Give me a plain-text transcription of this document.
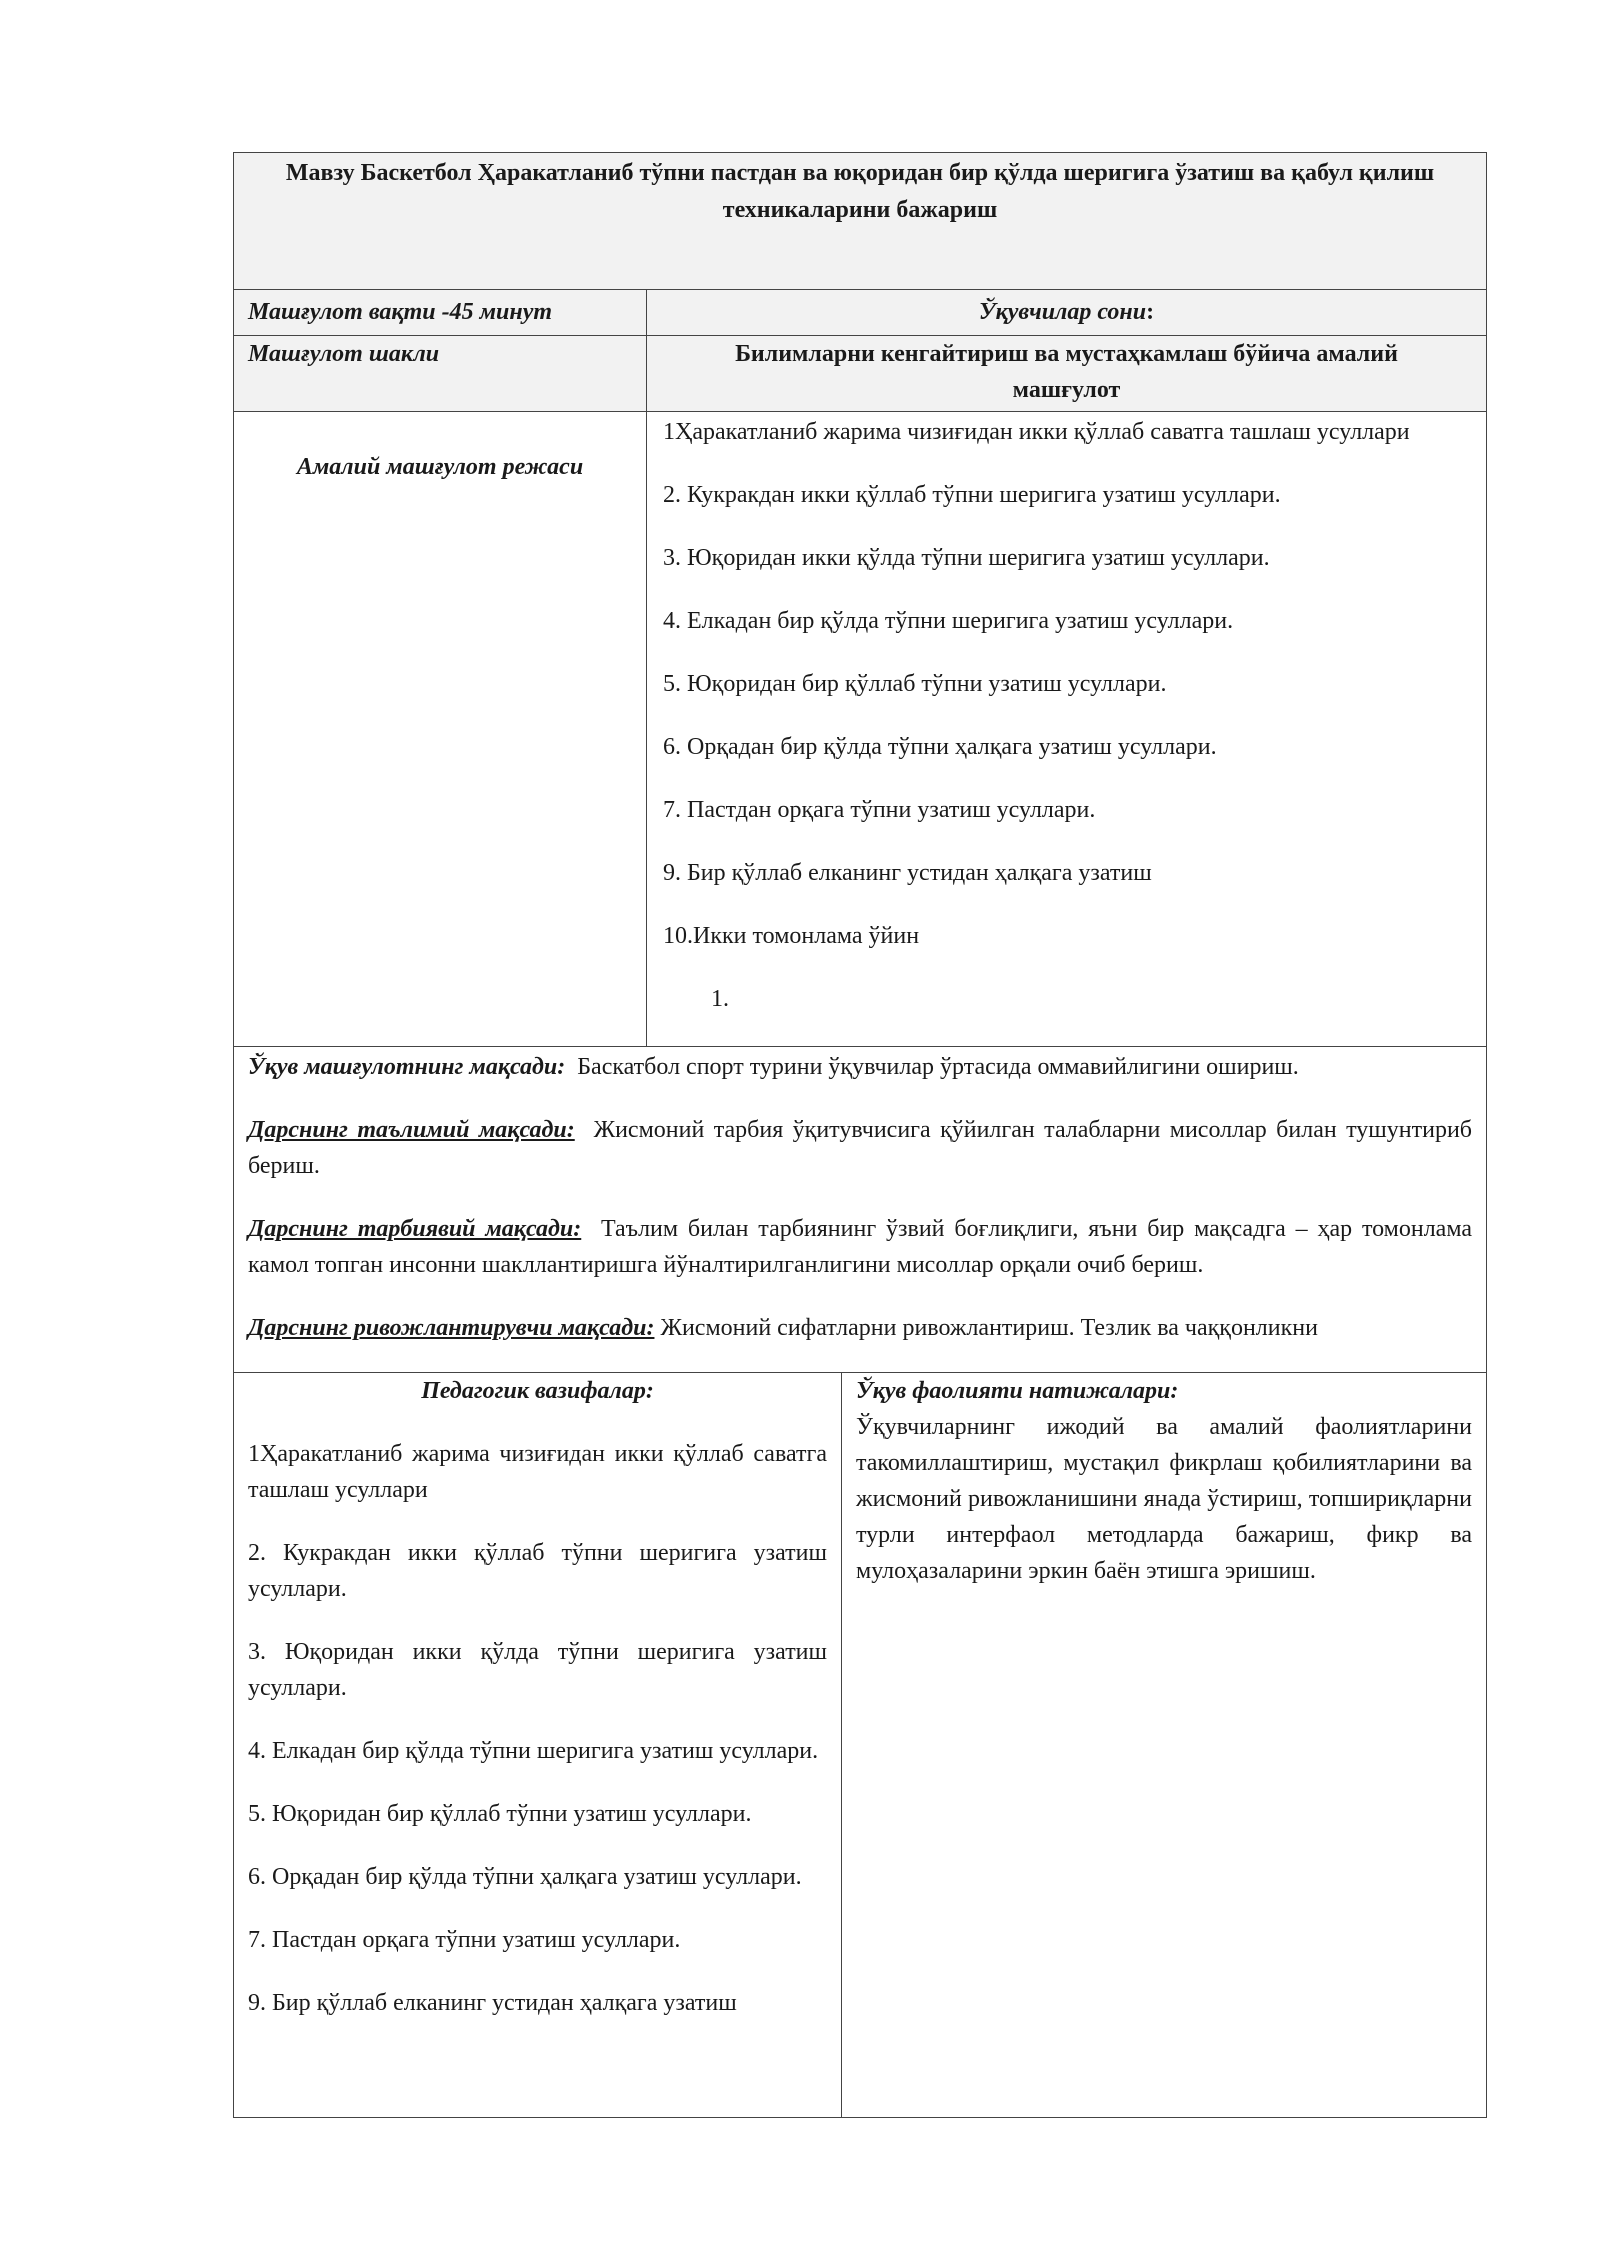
Мавзу Баскетбол Ҳаракатланиб тўпни пастдан ва юқоридан бир қўлда шеригига ўзатиш ва қабул қилиш техникаларини бажариш
Машғулот вақти -45 минут	Ўқувчилар сони:
Машғулот шакли	Билимларни кенгайтириш ва мустаҳкамлаш бўйича амалий машғулот
Амалий машғулот режаси

1Ҳаракатланиб жарима чизиғидан икки қўллаб саватга ташлаш усуллари

2. Кукракдан икки қўллаб тўпни шеригига узатиш усуллари.

3. Юқоридан икки қўлда тўпни шеригига узатиш усуллари.

4. Елкадан бир қўлда тўпни шеригига узатиш усуллари.

5. Юқоридан бир қўллаб тўпни узатиш усуллари.

6. Орқадан бир қўлда тўпни ҳалқага узатиш усуллари.

7. Пастдан орқага тўпни узатиш усуллари.

9. Бир қўллаб елканинг устидан ҳалқага узатиш

10.Икки томонлама ўйин

1.

Ўқув машғулотнинг мақсади: Баскатбол спорт турини ўқувчилар ўртасида оммавийлигини ошириш.

Дарснинг таълимий мақсади: Жисмоний тарбия ўқитувчисига қўйилган талабларни мисоллар билан тушунтириб бериш.

Дарснинг тарбиявий мақсади: Таълим билан тарбиянинг ўзвий боғлиқлиги, яъни бир мақсадга – ҳар томонлама камол топган инсонни шакллантиришга йўналтирилганлигини мисоллар орқали очиб бериш.

Дарснинг ривожлантирувчи мақсади: Жисмоний сифатларни ривожлантириш. Тезлик ва чаққонликни

Педагогик вазифалар:

1Ҳаракатланиб жарима чизиғидан икки қўллаб саватга ташлаш усуллари

2. Кукракдан икки қўллаб тўпни шеригига узатиш усуллари.

3. Юқоридан икки қўлда тўпни шеригига узатиш усуллари.

4. Елкадан бир қўлда тўпни шеригига узатиш усуллари.

5. Юқоридан бир қўллаб тўпни узатиш усуллари.

6. Орқадан бир қўлда тўпни ҳалқага узатиш усуллари.

7. Пастдан орқага тўпни узатиш усуллари.

9. Бир қўллаб елканинг устидан ҳалқага узатиш

Ўқув фаолияти натижалари:

Ўқувчиларнинг ижодий ва амалий фаолиятларини такомиллаштириш, мустақил фикрлаш қобилиятларини ва жисмоний ривожланишини янада ўстириш, топшириқларни турли интерфаол методларда бажариш, фикр ва мулоҳазаларини эркин баён этишга эришиш.
